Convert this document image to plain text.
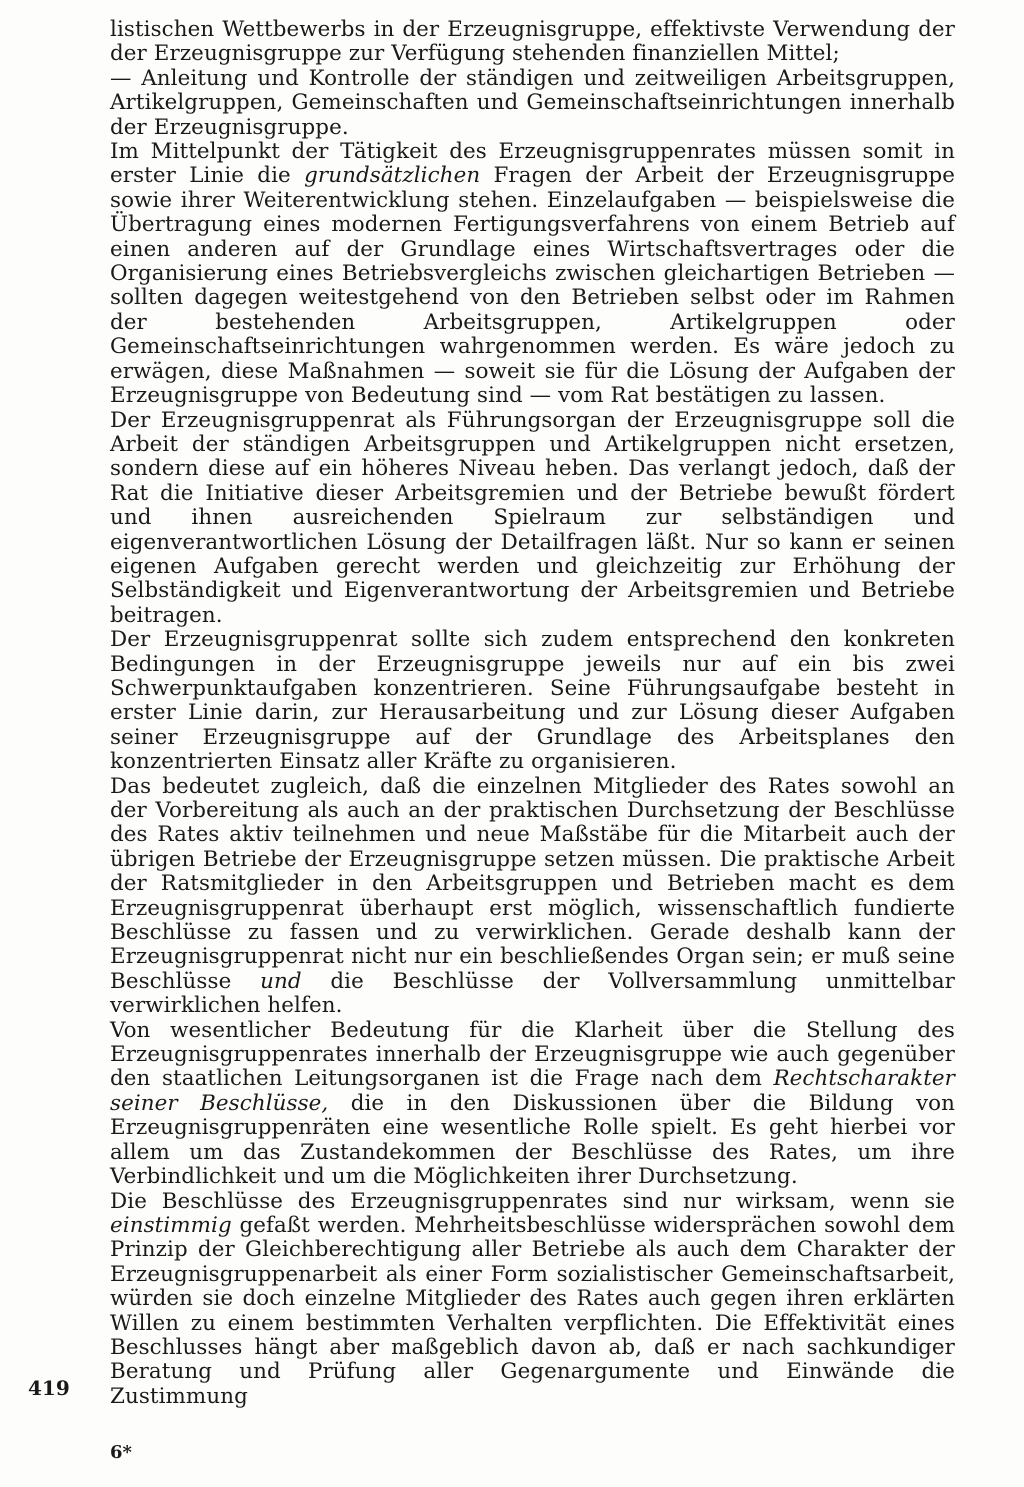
listischen Wettbewerbs in der Erzeugnisgruppe, effektivste Verwendung der der Erzeugnisgruppe zur Verfügung stehenden finanziellen Mittel;

— Anleitung und Kontrolle der ständigen und zeitweiligen Arbeitsgruppen, Artikelgruppen, Gemeinschaften und Gemeinschaftseinrichtungen innerhalb der Erzeugnisgruppe.

Im Mittelpunkt der Tätigkeit des Erzeugnisgruppenrates müssen somit in erster Linie die grundsätzlichen Fragen der Arbeit der Erzeugnisgruppe sowie ihrer Weiterentwicklung stehen. Einzelaufgaben — beispielsweise die Übertragung eines modernen Fertigungsverfahrens von einem Betrieb auf einen anderen auf der Grundlage eines Wirtschaftsvertrages oder die Organisierung eines Betriebsvergleichs zwischen gleichartigen Betrieben — sollten dagegen weitestgehend von den Betrieben selbst oder im Rahmen der bestehenden Arbeitsgruppen, Artikelgruppen oder Gemeinschaftseinrichtungen wahrgenommen werden. Es wäre jedoch zu erwägen, diese Maßnahmen — soweit sie für die Lösung der Aufgaben der Erzeugnisgruppe von Bedeutung sind — vom Rat bestätigen zu lassen.

Der Erzeugnisgruppenrat als Führungsorgan der Erzeugnisgruppe soll die Arbeit der ständigen Arbeitsgruppen und Artikelgruppen nicht ersetzen, sondern diese auf ein höheres Niveau heben. Das verlangt jedoch, daß der Rat die Initiative dieser Arbeitsgremien und der Betriebe bewußt fördert und ihnen ausreichenden Spielraum zur selbständigen und eigenverantwortlichen Lösung der Detailfragen läßt. Nur so kann er seinen eigenen Aufgaben gerecht werden und gleichzeitig zur Erhöhung der Selbständigkeit und Eigenverantwortung der Arbeitsgremien und Betriebe beitragen.

Der Erzeugnisgruppenrat sollte sich zudem entsprechend den konkreten Bedingungen in der Erzeugnisgruppe jeweils nur auf ein bis zwei Schwerpunktaufgaben konzentrieren. Seine Führungsaufgabe besteht in erster Linie darin, zur Herausarbeitung und zur Lösung dieser Aufgaben seiner Erzeugnisgruppe auf der Grundlage des Arbeitsplanes den konzentrierten Einsatz aller Kräfte zu organisieren.

Das bedeutet zugleich, daß die einzelnen Mitglieder des Rates sowohl an der Vorbereitung als auch an der praktischen Durchsetzung der Beschlüsse des Rates aktiv teilnehmen und neue Maßstäbe für die Mitarbeit auch der übrigen Betriebe der Erzeugnisgruppe setzen müssen. Die praktische Arbeit der Ratsmitglieder in den Arbeitsgruppen und Betrieben macht es dem Erzeugnisgruppenrat überhaupt erst möglich, wissenschaftlich fundierte Beschlüsse zu fassen und zu verwirklichen. Gerade deshalb kann der Erzeugnisgruppenrat nicht nur ein beschließendes Organ sein; er muß seine Beschlüsse und die Beschlüsse der Vollversammlung unmittelbar verwirklichen helfen.

Von wesentlicher Bedeutung für die Klarheit über die Stellung des Erzeugnisgruppenrates innerhalb der Erzeugnisgruppe wie auch gegenüber den staatlichen Leitungsorganen ist die Frage nach dem Rechtscharakter seiner Beschlüsse, die in den Diskussionen über die Bildung von Erzeugnisgruppenräten eine wesentliche Rolle spielt. Es geht hierbei vor allem um das Zustandekommen der Beschlüsse des Rates, um ihre Verbindlichkeit und um die Möglichkeiten ihrer Durchsetzung.

Die Beschlüsse des Erzeugnisgruppenrates sind nur wirksam, wenn sie einstimmig gefaßt werden. Mehrheitsbeschlüsse widersprächen sowohl dem Prinzip der Gleichberechtigung aller Betriebe als auch dem Charakter der Erzeugnisgruppenarbeit als einer Form sozialistischer Gemeinschaftsarbeit, würden sie doch einzelne Mitglieder des Rates auch gegen ihren erklärten Willen zu einem bestimmten Verhalten verpflichten. Die Effektivität eines Beschlusses hängt aber maßgeblich davon ab, daß er nach sachkundiger Beratung und Prüfung aller Gegenargumente und Einwände die Zustimmung

419
6*
